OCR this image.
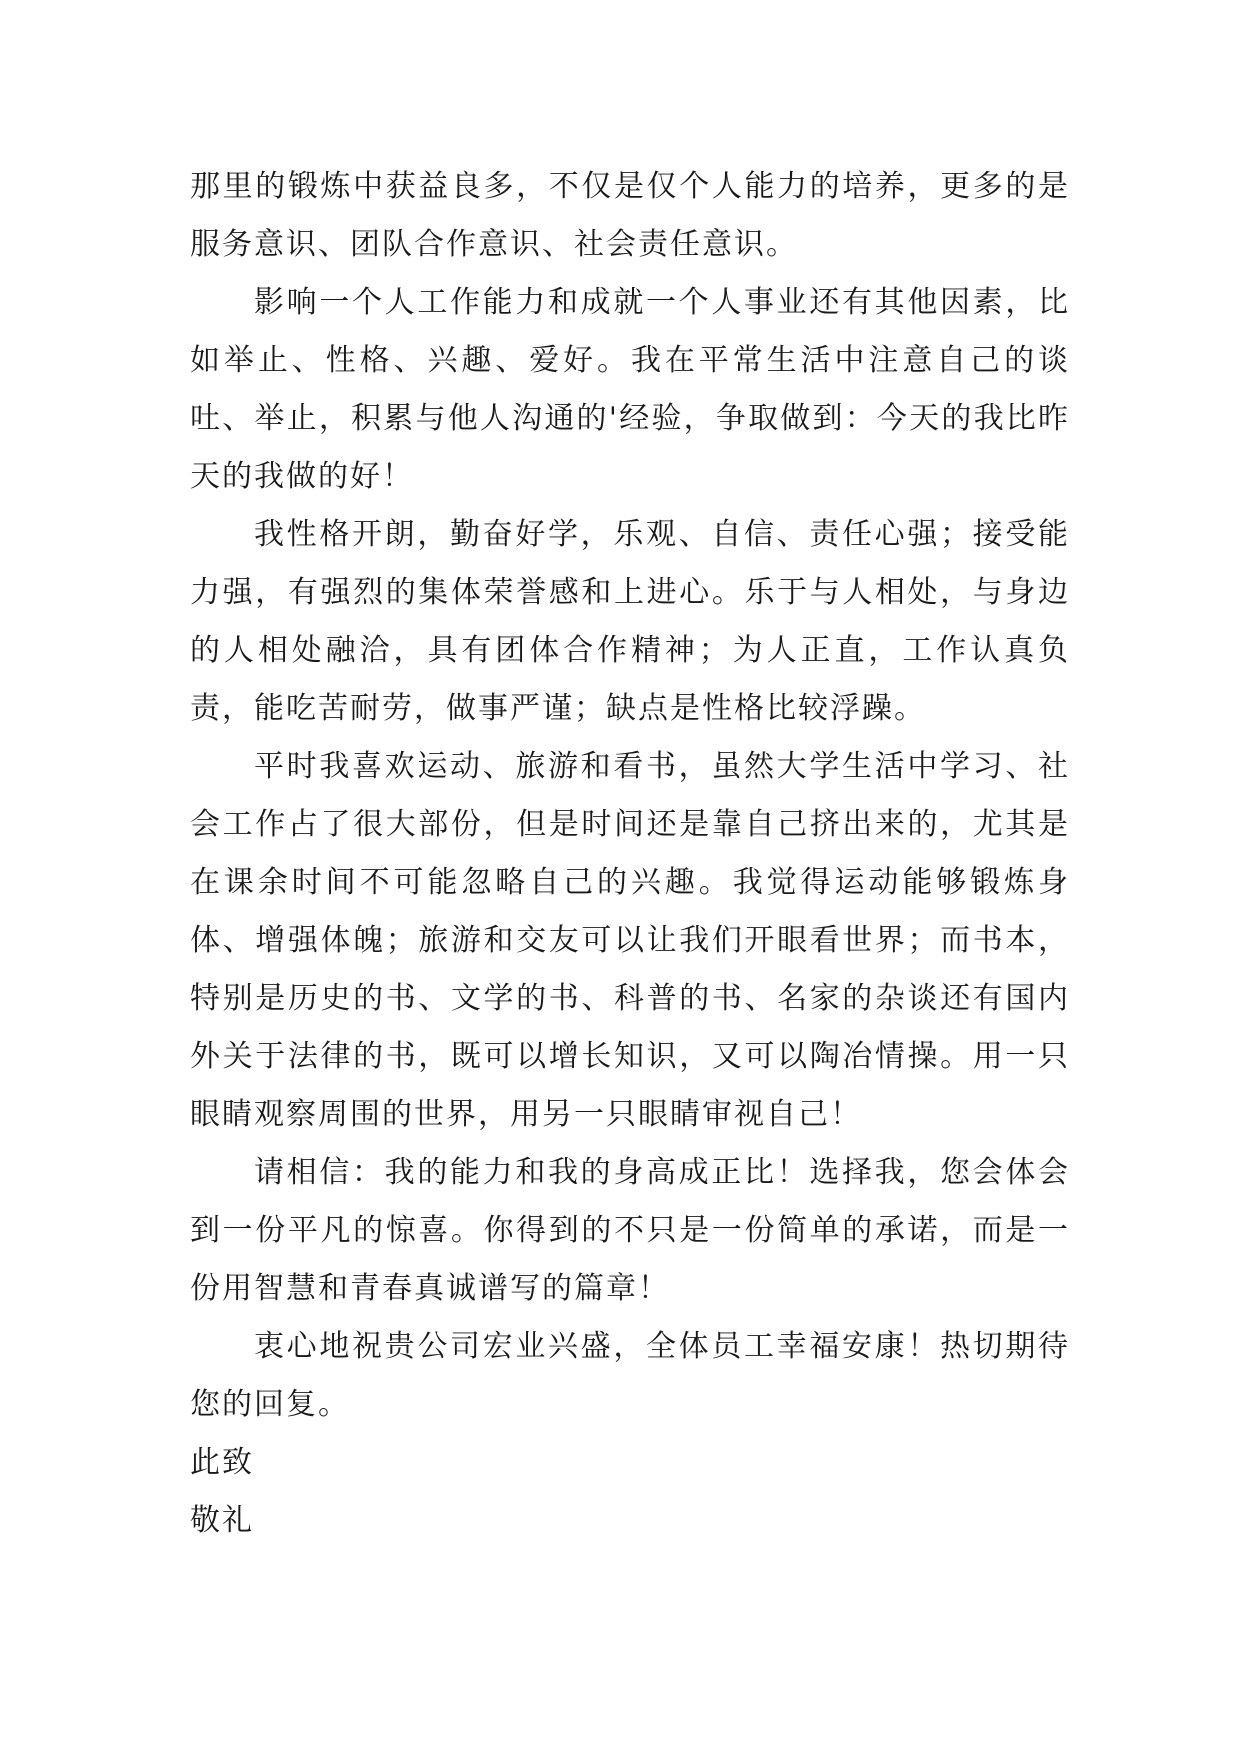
那里的锻炼中获益良多，不仅是仅个人能力的培养，更多的是服务意识、团队合作意识、社会责任意识。

影响一个人工作能力和成就一个人事业还有其他因素，比如举止、性格、兴趣、爱好。我在平常生活中注意自己的谈吐、举止，积累与他人沟通的'经验，争取做到：今天的我比昨天的我做的好！

我性格开朗，勤奋好学，乐观、自信、责任心强；接受能力强，有强烈的集体荣誉感和上进心。乐于与人相处，与身边的人相处融洽，具有团体合作精神；为人正直，工作认真负责，能吃苦耐劳，做事严谨；缺点是性格比较浮躁。

平时我喜欢运动、旅游和看书，虽然大学生活中学习、社会工作占了很大部份，但是时间还是靠自己挤出来的，尤其是在课余时间不可能忽略自己的兴趣。我觉得运动能够锻炼身体、增强体魄；旅游和交友可以让我们开眼看世界；而书本，特别是历史的书、文学的书、科普的书、名家的杂谈还有国内外关于法律的书，既可以增长知识，又可以陶冶情操。用一只眼睛观察周围的世界，用另一只眼睛审视自己！

请相信：我的能力和我的身高成正比！选择我，您会体会到一份平凡的惊喜。你得到的不只是一份简单的承诺，而是一份用智慧和青春真诚谱写的篇章！

衷心地祝贵公司宏业兴盛，全体员工幸福安康！热切期待您的回复。

此致

敬礼
